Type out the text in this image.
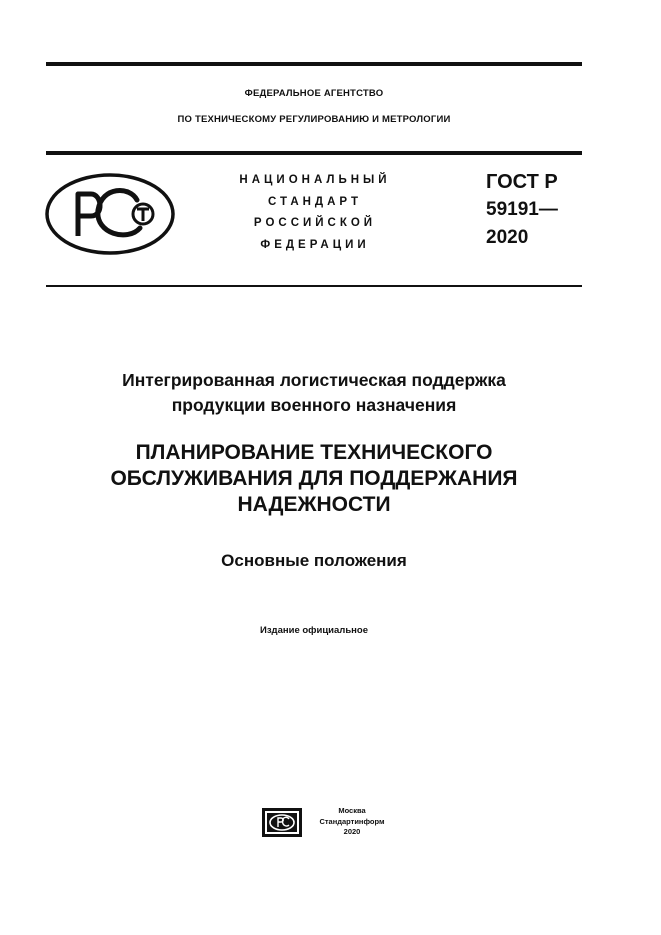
ФЕДЕРАЛЬНОЕ АГЕНТСТВО
ПО ТЕХНИЧЕСКОМУ РЕГУЛИРОВАНИЮ И МЕТРОЛОГИИ
НАЦИОНАЛЬНЫЙ
СТАНДАРТ
РОССИЙСКОЙ
ФЕДЕРАЦИИ
ГОСТ Р
59191—
2020
Интегрированная логистическая поддержка
продукции военного назначения
ПЛАНИРОВАНИЕ ТЕХНИЧЕСКОГО
ОБСЛУЖИВАНИЯ ДЛЯ ПОДДЕРЖАНИЯ
НАДЕЖНОСТИ
Основные положения
Издание официальное
Москва
Стандартинформ
2020
